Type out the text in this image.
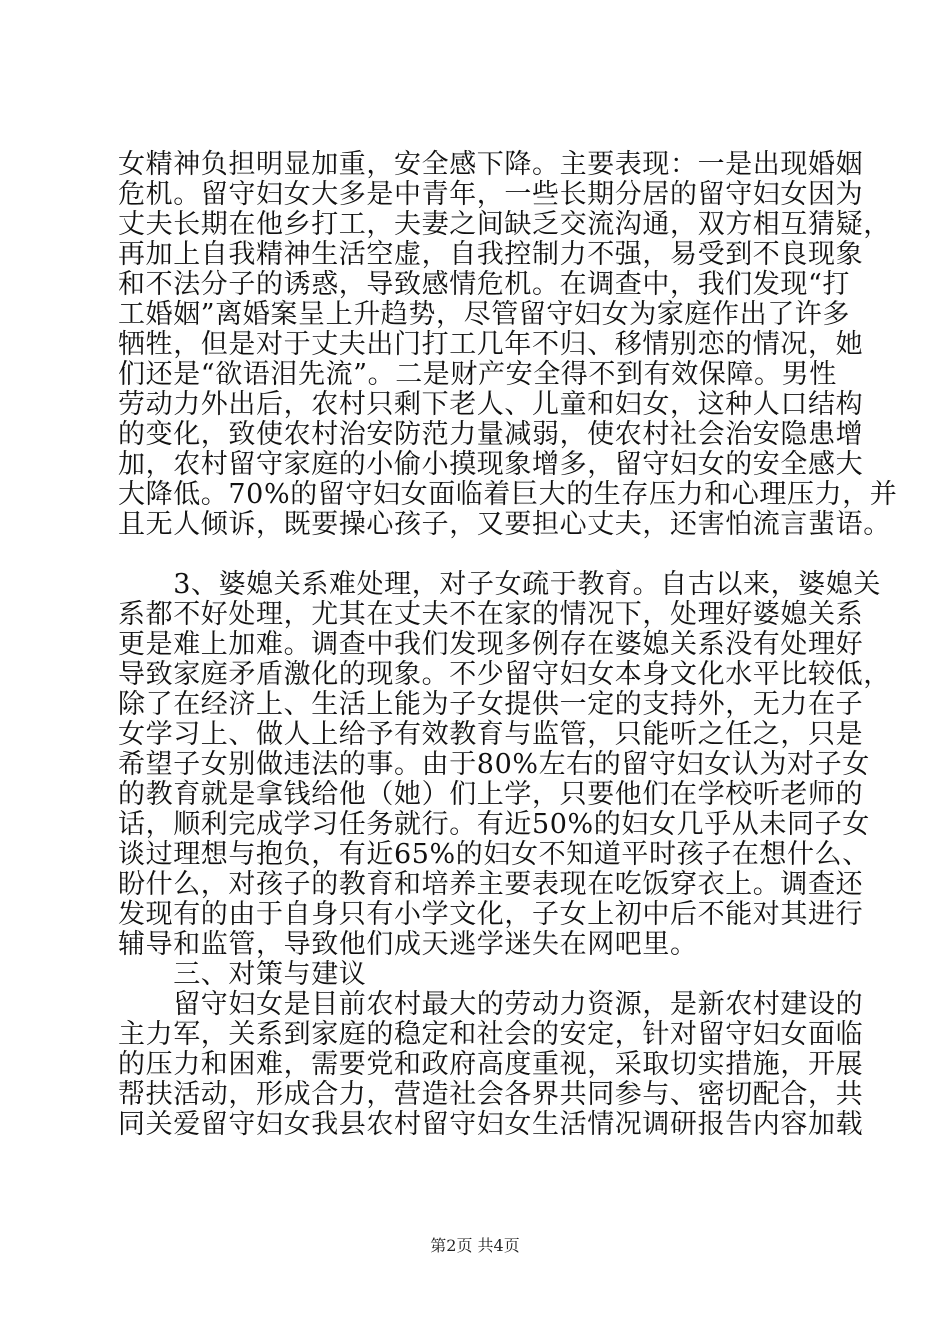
女精神负担明显加重，安全感下降。主要表现：一是出现婚姻
危机。留守妇女大多是中青年，一些长期分居的留守妇女因为
丈夫长期在他乡打工，夫妻之间缺乏交流沟通，双方相互猜疑，
再加上自我精神生活空虚，自我控制力不强，易受到不良现象
和不法分子的诱惑，导致感情危机。在调查中，我们发现“打
工婚姻”离婚案呈上升趋势，尽管留守妇女为家庭作出了许多
牺牲，但是对于丈夫出门打工几年不归、移情别恋的情况，她
们还是“欲语泪先流”。二是财产安全得不到有效保障。男性
劳动力外出后，农村只剩下老人、儿童和妇女，这种人口结构
的变化，致使农村治安防范力量减弱，使农村社会治安隐患增
加，农村留守家庭的小偷小摸现象增多，留守妇女的安全感大
大降低。70%的留守妇女面临着巨大的生存压力和心理压力，并
且无人倾诉，既要操心孩子，又要担心丈夫，还害怕流言蜚语。
　　3、婆媳关系难处理，对子女疏于教育。自古以来，婆媳关
系都不好处理，尤其在丈夫不在家的情况下，处理好婆媳关系
更是难上加难。调查中我们发现多例存在婆媳关系没有处理好
导致家庭矛盾激化的现象。不少留守妇女本身文化水平比较低，
除了在经济上、生活上能为子女提供一定的支持外，无力在子
女学习上、做人上给予有效教育与监管，只能听之任之，只是
希望子女别做违法的事。由于80%左右的留守妇女认为对子女
的教育就是拿钱给他（她）们上学，只要他们在学校听老师的
话，顺利完成学习任务就行。有近50%的妇女几乎从未同子女
谈过理想与抱负，有近65%的妇女不知道平时孩子在想什么、
盼什么，对孩子的教育和培养主要表现在吃饭穿衣上。调查还
发现有的由于自身只有小学文化，子女上初中后不能对其进行
辅导和监管，导致他们成天逃学迷失在网吧里。
　　三、对策与建议
　　留守妇女是目前农村最大的劳动力资源，是新农村建设的
主力军，关系到家庭的稳定和社会的安定，针对留守妇女面临
的压力和困难，需要党和政府高度重视，采取切实措施，开展
帮扶活动，形成合力，营造社会各界共同参与、密切配合，共
同关爱留守妇女我县农村留守妇女生活情况调研报告内容加载
第2页 共4页
